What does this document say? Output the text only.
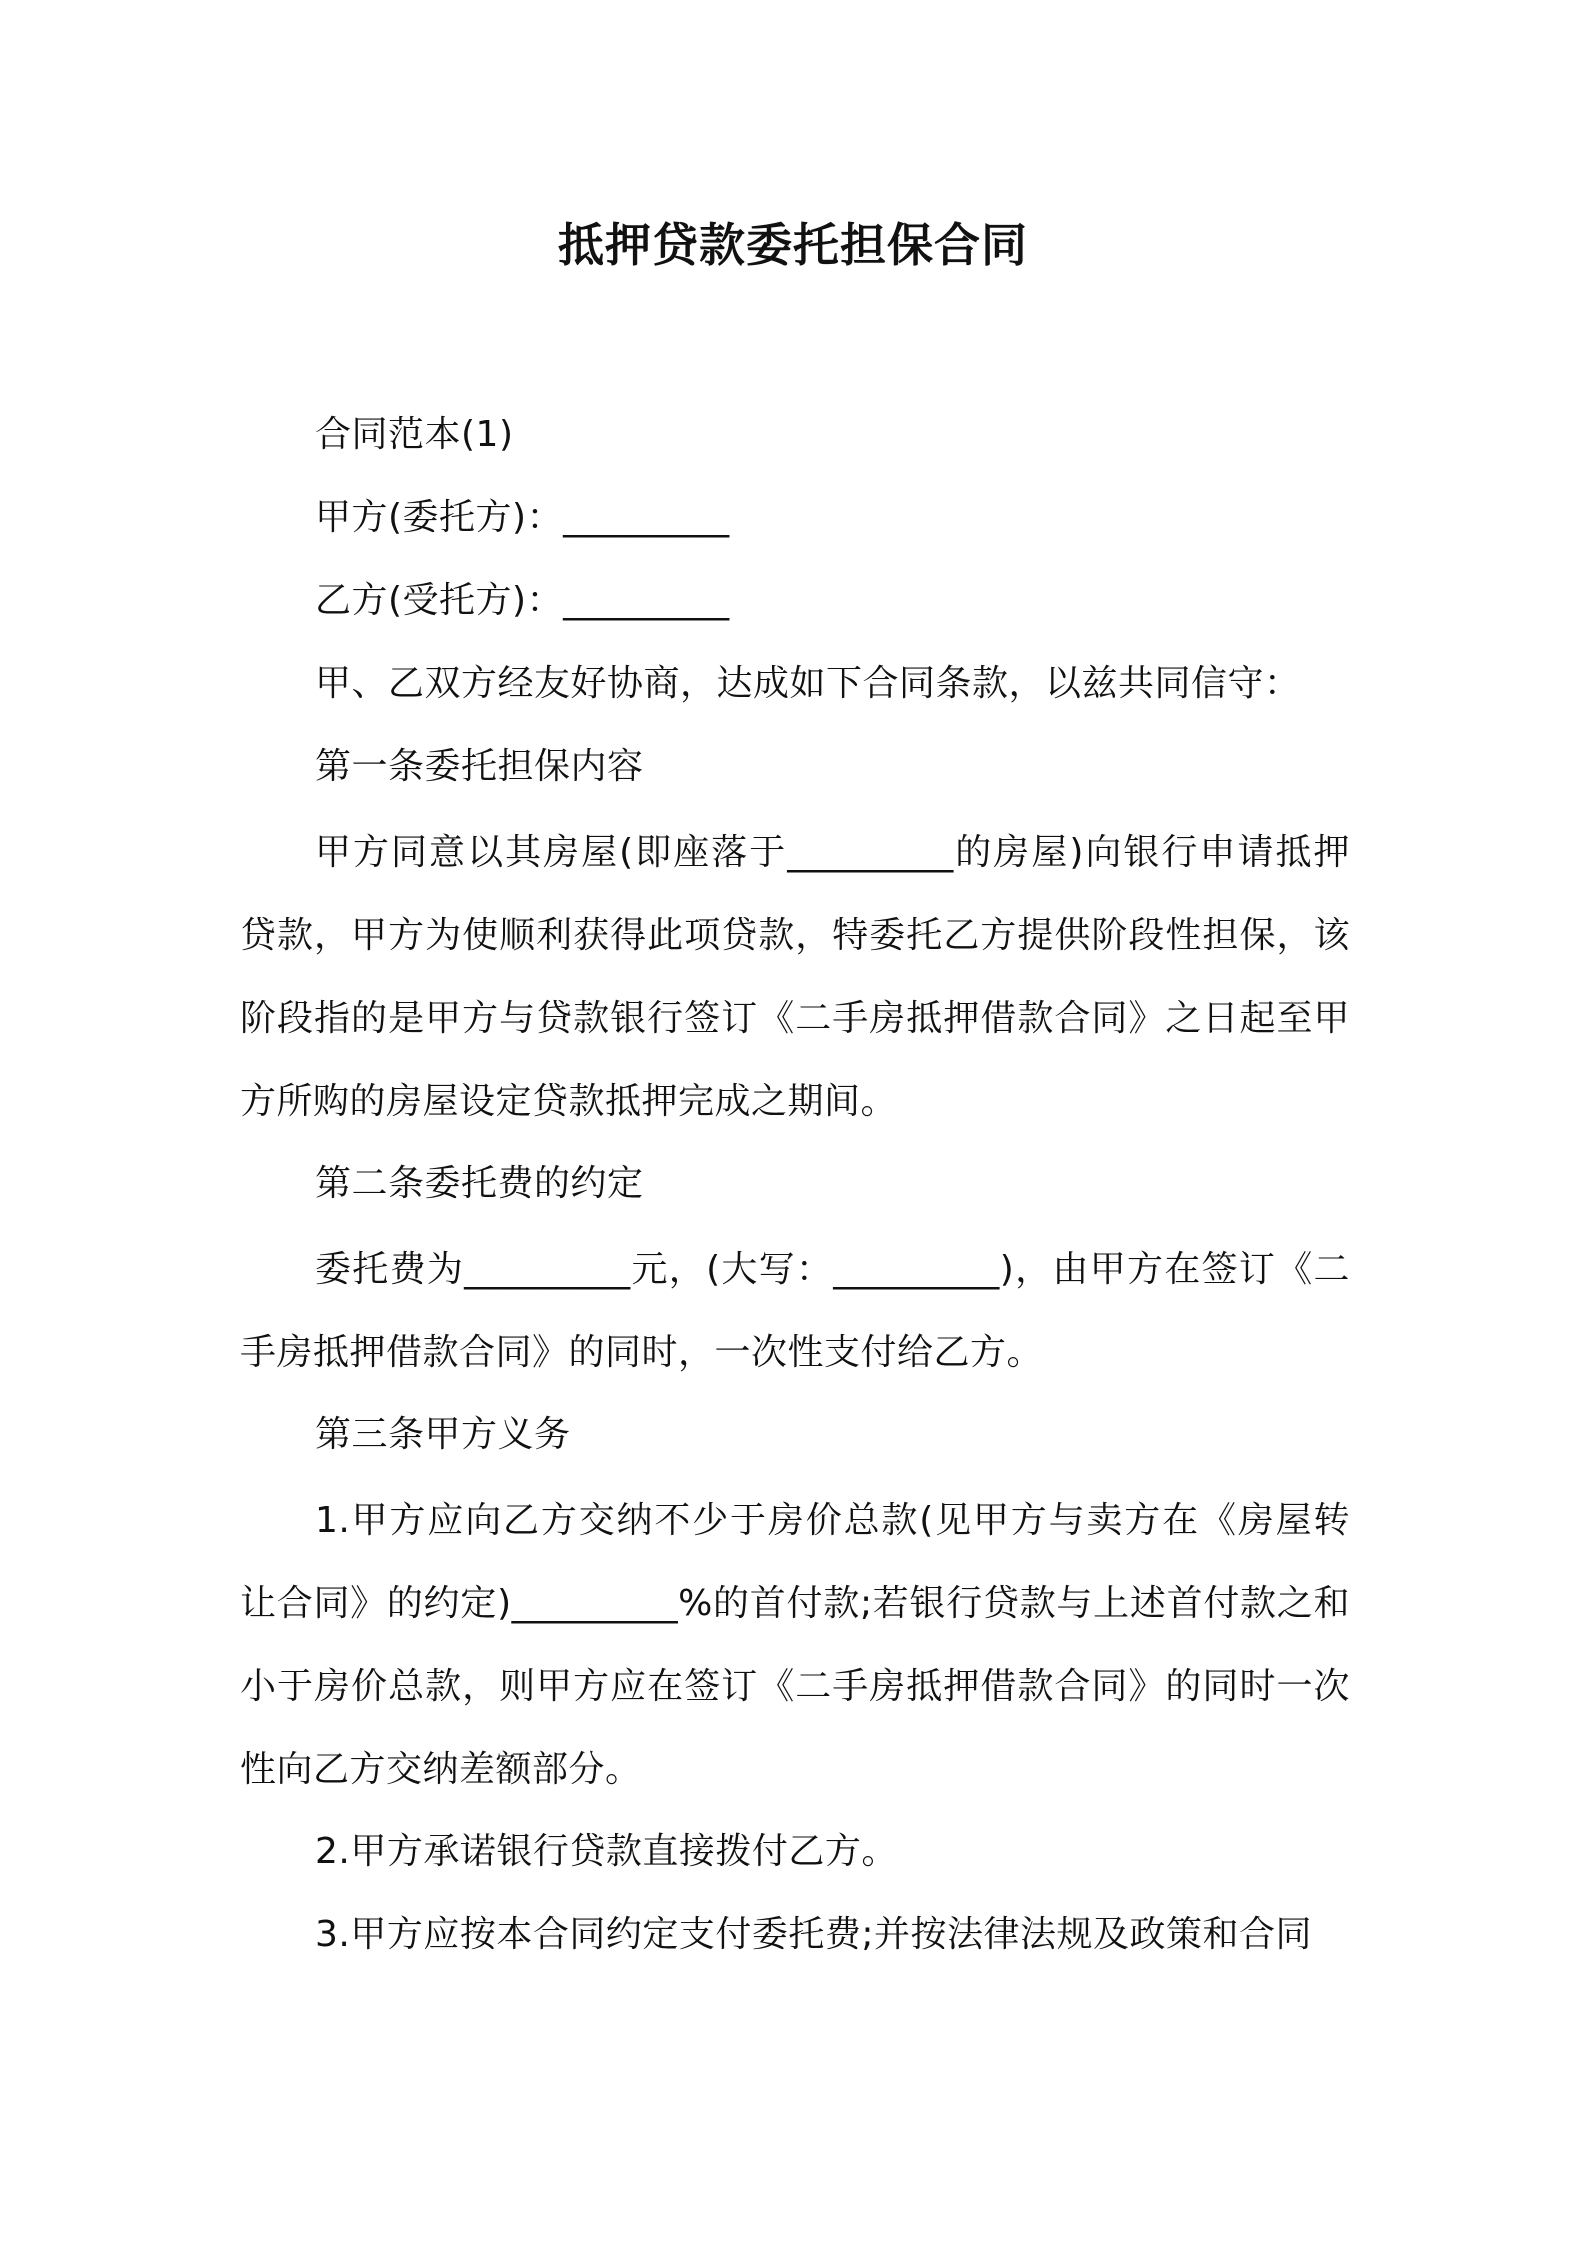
抵押贷款委托担保合同
合同范本(1)
甲方(委托方)：_________
乙方(受托方)：_________
甲、乙双方经友好协商，达成如下合同条款，以兹共同信守：
第一条委托担保内容
甲方同意以其房屋(即座落于_________的房屋)向银行申请抵押贷款，甲方为使顺利获得此项贷款，特委托乙方提供阶段性担保，该阶段指的是甲方与贷款银行签订《二手房抵押借款合同》之日起至甲方所购的房屋设定贷款抵押完成之期间。
第二条委托费的约定
委托费为_________元，(大写：_________)，由甲方在签订《二手房抵押借款合同》的同时，一次性支付给乙方。
第三条甲方义务
1.甲方应向乙方交纳不少于房价总款(见甲方与卖方在《房屋转让合同》的约定)_________%的首付款;若银行贷款与上述首付款之和小于房价总款，则甲方应在签订《二手房抵押借款合同》的同时一次性向乙方交纳差额部分。
2.甲方承诺银行贷款直接拨付乙方。
3.甲方应按本合同约定支付委托费;并按法律法规及政策和合同
